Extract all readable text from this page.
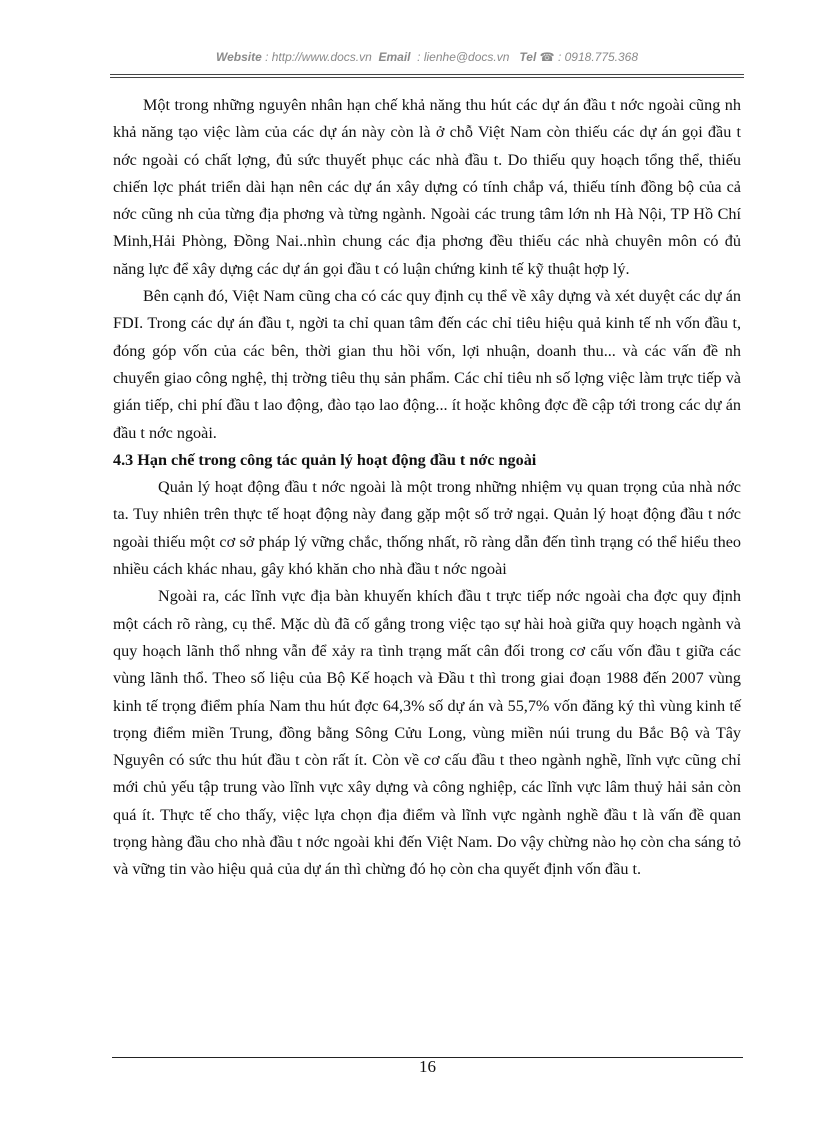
Website : http://www.docs.vn Email : lienhe@docs.vn Tel ☎ : 0918.775.368

Một trong những nguyên nhân hạn chế khả năng thu hút các dự án đầu t nớc ngoài cũng nh khả năng tạo việc làm của các dự án này còn là ở chỗ Việt Nam còn thiếu các dự án gọi đầu t nớc ngoài có chất lợng, đủ sức thuyết phục các nhà đầu t. Do thiếu quy hoạch tổng thể, thiếu chiến lợc phát triển dài hạn nên các dự án xây dựng có tính chắp vá, thiếu tính đồng bộ của cả nớc cũng nh của từng địa phơng và từng ngành. Ngoài các trung tâm lớn nh Hà Nội, TP Hồ Chí Minh,Hải Phòng, Đồng Nai..nhìn chung các địa phơng đều thiếu các nhà chuyên môn có đủ năng lực để xây dựng các dự án gọi đầu t có luận chứng kinh tế kỹ thuật hợp lý.

Bên cạnh đó, Việt Nam cũng cha có các quy định cụ thể về xây dựng và xét duyệt các dự án FDI. Trong các dự án đầu t, ngời ta chỉ quan tâm đến các chỉ tiêu hiệu quả kinh tế nh vốn đầu t, đóng góp vốn của các bên, thời gian thu hồi vốn, lợi nhuận, doanh thu... và các vấn đề nh chuyển giao công nghệ, thị trờng tiêu thụ sản phẩm. Các chỉ tiêu nh số lợng việc làm trực tiếp và gián tiếp, chi phí đầu t lao động, đào tạo lao động... ít hoặc không đợc đề cập tới trong các dự án đầu t nớc ngoài.

4.3 Hạn chế trong công tác quản lý hoạt động đầu t nớc ngoài

Quản lý hoạt động đầu t nớc ngoài là một trong những nhiệm vụ quan trọng của nhà nớc ta. Tuy nhiên trên thực tế hoạt động này đang gặp một số trở ngại. Quản lý hoạt động đầu t nớc ngoài thiếu một cơ sở pháp lý vững chắc, thống nhất, rõ ràng dẫn đến tình trạng có thể hiểu theo nhiều cách khác nhau, gây khó khăn cho nhà đầu t nớc ngoài

Ngoài ra, các lĩnh vực địa bàn khuyến khích đầu t trực tiếp nớc ngoài cha đợc quy định một cách rõ ràng, cụ thể. Mặc dù đã cố gắng trong việc tạo sự hài hoà giữa quy hoạch ngành và quy hoạch lãnh thổ nhng vẫn để xảy ra tình trạng mất cân đối trong cơ cấu vốn đầu t giữa các vùng lãnh thổ. Theo số liệu của Bộ Kế hoạch và Đầu t thì trong giai đoạn 1988 đến 2007 vùng kinh tế trọng điểm phía Nam thu hút đợc 64,3% số dự án và 55,7% vốn đăng ký thì vùng kinh tế trọng điểm miền Trung, đồng bằng Sông Cửu Long, vùng miền núi trung du Bắc Bộ và Tây Nguyên có sức thu hút đầu t còn rất ít. Còn về cơ cấu đầu t theo ngành nghề, lĩnh vực cũng chỉ mới chủ yếu tập trung vào lĩnh vực xây dựng và công nghiệp, các lĩnh vực lâm thuỷ hải sản còn quá ít. Thực tế cho thấy, việc lựa chọn địa điểm và lĩnh vực ngành nghề đầu t là vấn đề quan trọng hàng đầu cho nhà đầu t nớc ngoài khi đến Việt Nam. Do vậy chừng nào họ còn cha sáng tỏ và vững tin vào hiệu quả của dự án thì chừng đó họ còn cha quyết định vốn đầu t.

16
